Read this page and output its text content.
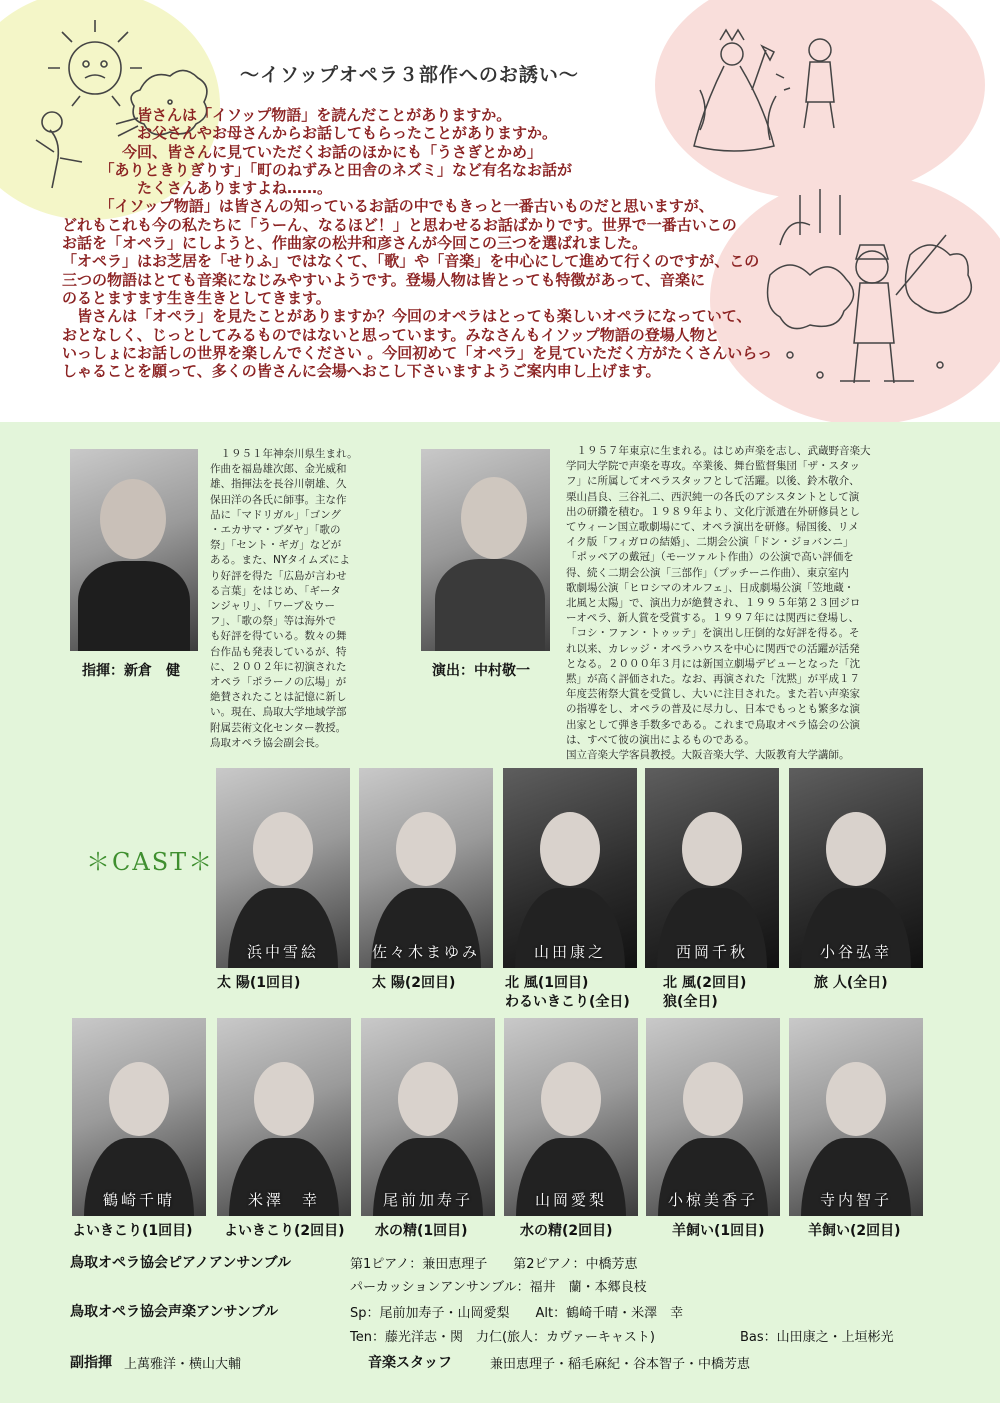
～イソップオペラ３部作へのお誘い～

　　　　　皆さんは「イソップ物語」を読んだことがありますか。

　　　　　お父さんやお母さんからお話してもらったことがありますか。

　　　　今回、皆さんに見ていただくお話のほかにも「うさぎとかめ」

　　　「ありときりぎりす」「町のねずみと田舎のネズミ」など有名なお話が

　　　　　たくさんありますよね……。

　　　「イソップ物語」は皆さんの知っているお話の中でもきっと一番古いものだと思いますが、

どれもこれも今の私たちに「うーん、なるほど！」と思わせるお話ばかりです。世界で一番古いこの

お話を「オペラ」にしようと、作曲家の松井和彦さんが今回この三つを選ばれました。

「オペラ」はお芝居を「せりふ」ではなくて、「歌」や「音楽」を中心にして進めて行くのですが、この

三つの物語はとても音楽になじみやすいようです。登場人物は皆とっても特徴があって、音楽に

のるとますます生き生きとしてきます。

　皆さんは「オペラ」を見たことがありますか？今回のオペラはとっても楽しいオペラになっていて、

おとなしく、じっとしてみるものではないと思っています。みなさんもイソップ物語の登場人物と

いっしょにお話しの世界を楽しんでください 。今回初めて「オペラ」を見ていただく方がたくさんいらっ

しゃることを願って、多くの皆さんに会場へおこし下さいますようご案内申し上げます。

指揮：新倉　健

　１９５１年神奈川県生まれ。

作曲を福島雄次郎、金光威和

雄、指揮法を長谷川朝雄、久

保田洋の各氏に師事。主な作

品に「マドリガル」「ゴング

・エカサマ・ブダヤ」「歌の

祭」「セント・ギガ」などが

ある。また、NYタイムズによ

り好評を得た「広島が言わせ

る言葉」をはじめ、「ギータ

ンジャリ」、「ワーブ＆ウー

フ」、「歌の祭」等は海外で

も好評を得ている。数々の舞

台作品も発表しているが、特

に、２００２年に初演された

オペラ「ポラーノの広場」が

絶賛されたことは記憶に新し

い。現在、鳥取大学地域学部

附属芸術文化センター教授。

鳥取オペラ協会副会長。

演出：中村敬一

　１９５７年東京に生まれる。はじめ声楽を志し、武蔵野音楽大

学同大学院で声楽を専攻。卒業後、舞台監督集団「ザ・スタッ

フ」に所属してオペラスタッフとして活躍。以後、鈴木敬介、

栗山昌良、三谷礼二、西沢純一の各氏のアシスタントとして演

出の研鑽を積む。１９８９年より、文化庁派遣在外研修員とし

てウィーン国立歌劇場にて、オペラ演出を研修。帰国後、リメ

イク版「フィガロの結婚」、二期会公演「ドン・ジョバンニ」

「ポッペアの戴冠」（モーツァルト作曲）の公演で高い評価を

得、続く二期会公演「三部作」（プッチーニ作曲）、東京室内

歌劇場公演「ヒロシマのオルフェ」、日成劇場公演「笠地蔵・

北風と太陽」で、演出力が絶賛され、１９９５年第２３回ジロ

ーオペラ、新人賞を受賞する。１９９７年には関西に登場し、

「コシ・ファン・トゥッテ」を演出し圧倒的な好評を得る。そ

れ以来、カレッジ・オペラハウスを中心に関西での活躍が活発

となる。２０００年３月には新国立劇場デビューとなった「沈

黙」が高く評価された。なお、再演された「沈黙」が平成１７

年度芸術祭大賞を受賞し、大いに注目された。また若い声楽家

の指導をし、オペラの普及に尽力し、日本でもっとも繁多な演

出家として弾き手数多である。これまで鳥取オペラ協会の公演

は、すべて彼の演出によるものである。

国立音楽大学客員教授。大阪音楽大学、大阪教育大学講師。

＊CAST＊
浜中雪絵
太 陽(1回目)
佐々木まゆみ
太 陽(2回目)
山田康之
北 風(1回目)
わるいきこり(全日)
西岡千秋
北 風(2回目)
狼(全日)
小谷弘幸
旅 人(全日)
鶴崎千晴
よいきこり(1回目)
米澤　幸
よいきこり(2回目)
尾前加寿子
水の精(1回目)
山岡愛梨
水の精(2回目)
小椋美香子
羊飼い(1回目)
寺内智子
羊飼い(2回目)
鳥取オペラ協会ピアノアンサンブル	第1ピアノ：兼田恵理子　　第2ピアノ：中橋芳恵
パーカッションアンサンブル：福井　蘭・本郷良枝
鳥取オペラ協会声楽アンサンブル	Sp：尾前加寿子・山岡愛梨　　Alt：鶴崎千晴・米澤　幸
Ten：藤光洋志・関　力仁(旅人：カヴァーキャスト)	Bas：山田康之・上垣彬光
副指揮 上萬雅洋・横山大輔	音楽スタッフ	兼田恵理子・稲毛麻紀・谷本智子・中橋芳恵
